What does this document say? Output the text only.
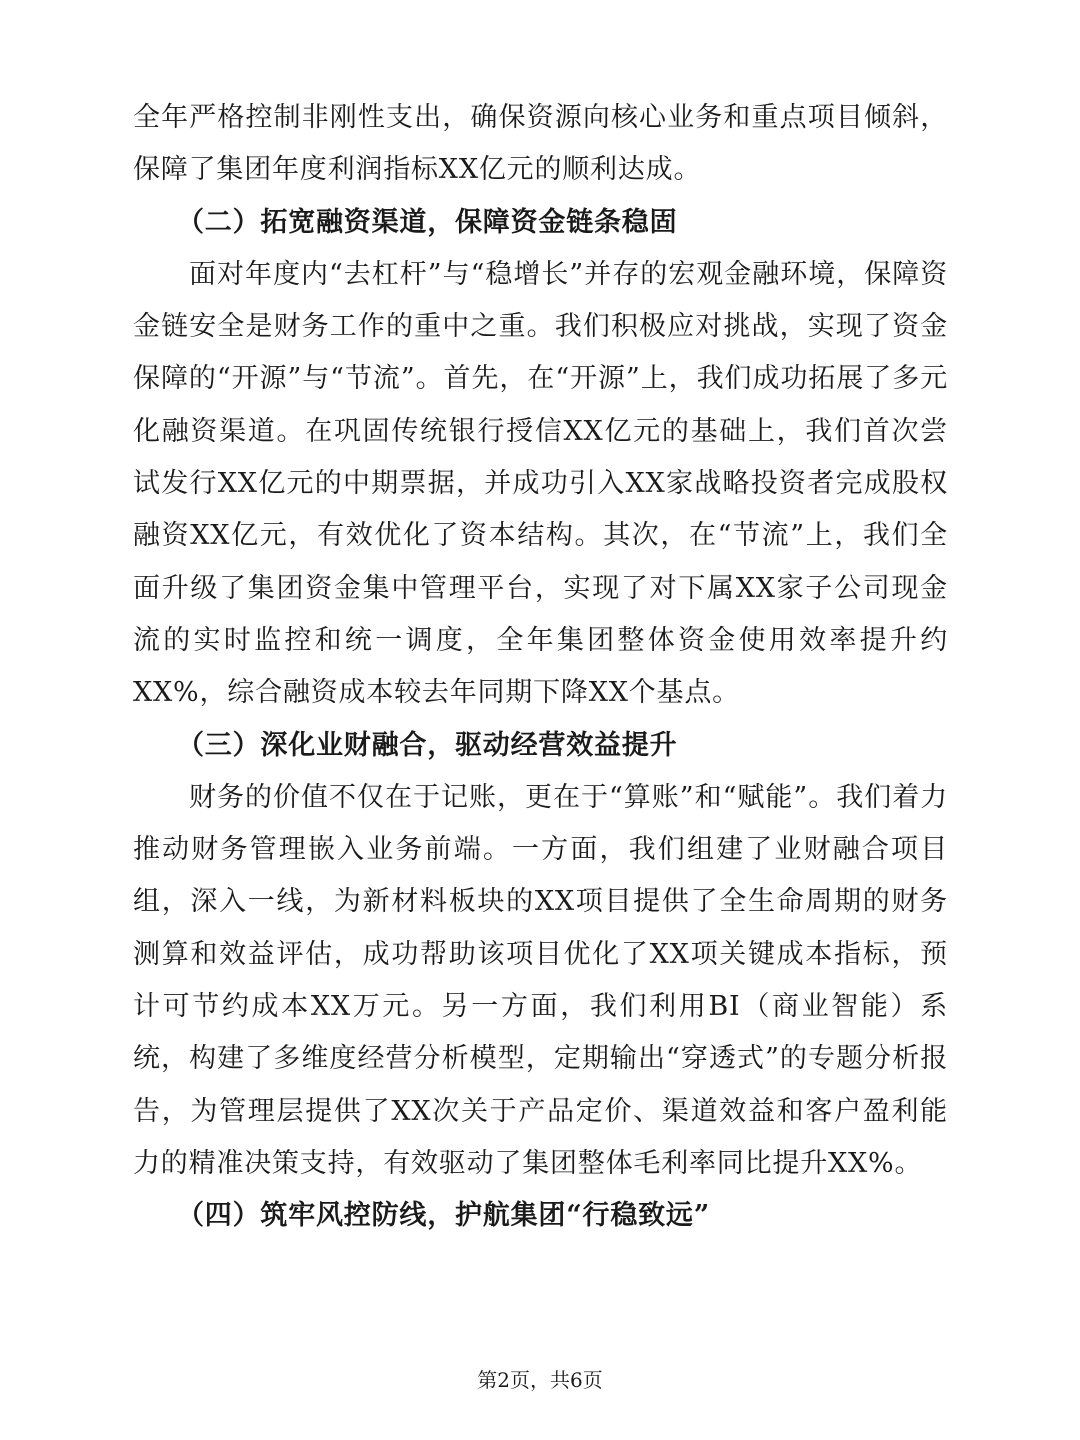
全年严格控制非刚性支出，确保资源向核心业务和重点项目倾斜，保障了集团年度利润指标XX亿元的顺利达成。

（二）拓宽融资渠道，保障资金链条稳固

面对年度内“去杠杆”与“稳增长”并存的宏观金融环境，保障资金链安全是财务工作的重中之重。我们积极应对挑战，实现了资金保障的“开源”与“节流”。首先，在“开源”上，我们成功拓展了多元化融资渠道。在巩固传统银行授信XX亿元的基础上，我们首次尝试发行XX亿元的中期票据，并成功引入XX家战略投资者完成股权融资XX亿元，有效优化了资本结构。其次，在“节流”上，我们全面升级了集团资金集中管理平台，实现了对下属XX家子公司现金流的实时监控和统一调度，全年集团整体资金使用效率提升约XX%，综合融资成本较去年同期下降XX个基点。

（三）深化业财融合，驱动经营效益提升

财务的价值不仅在于记账，更在于“算账”和“赋能”。我们着力推动财务管理嵌入业务前端。一方面，我们组建了业财融合项目组，深入一线，为新材料板块的XX项目提供了全生命周期的财务测算和效益评估，成功帮助该项目优化了XX项关键成本指标，预计可节约成本XX万元。另一方面，我们利用BI（商业智能）系统，构建了多维度经营分析模型，定期输出“穿透式”的专题分析报告，为管理层提供了XX次关于产品定价、渠道效益和客户盈利能力的精准决策支持，有效驱动了集团整体毛利率同比提升XX%。

（四）筑牢风控防线，护航集团“行稳致远”

第2页，共6页
